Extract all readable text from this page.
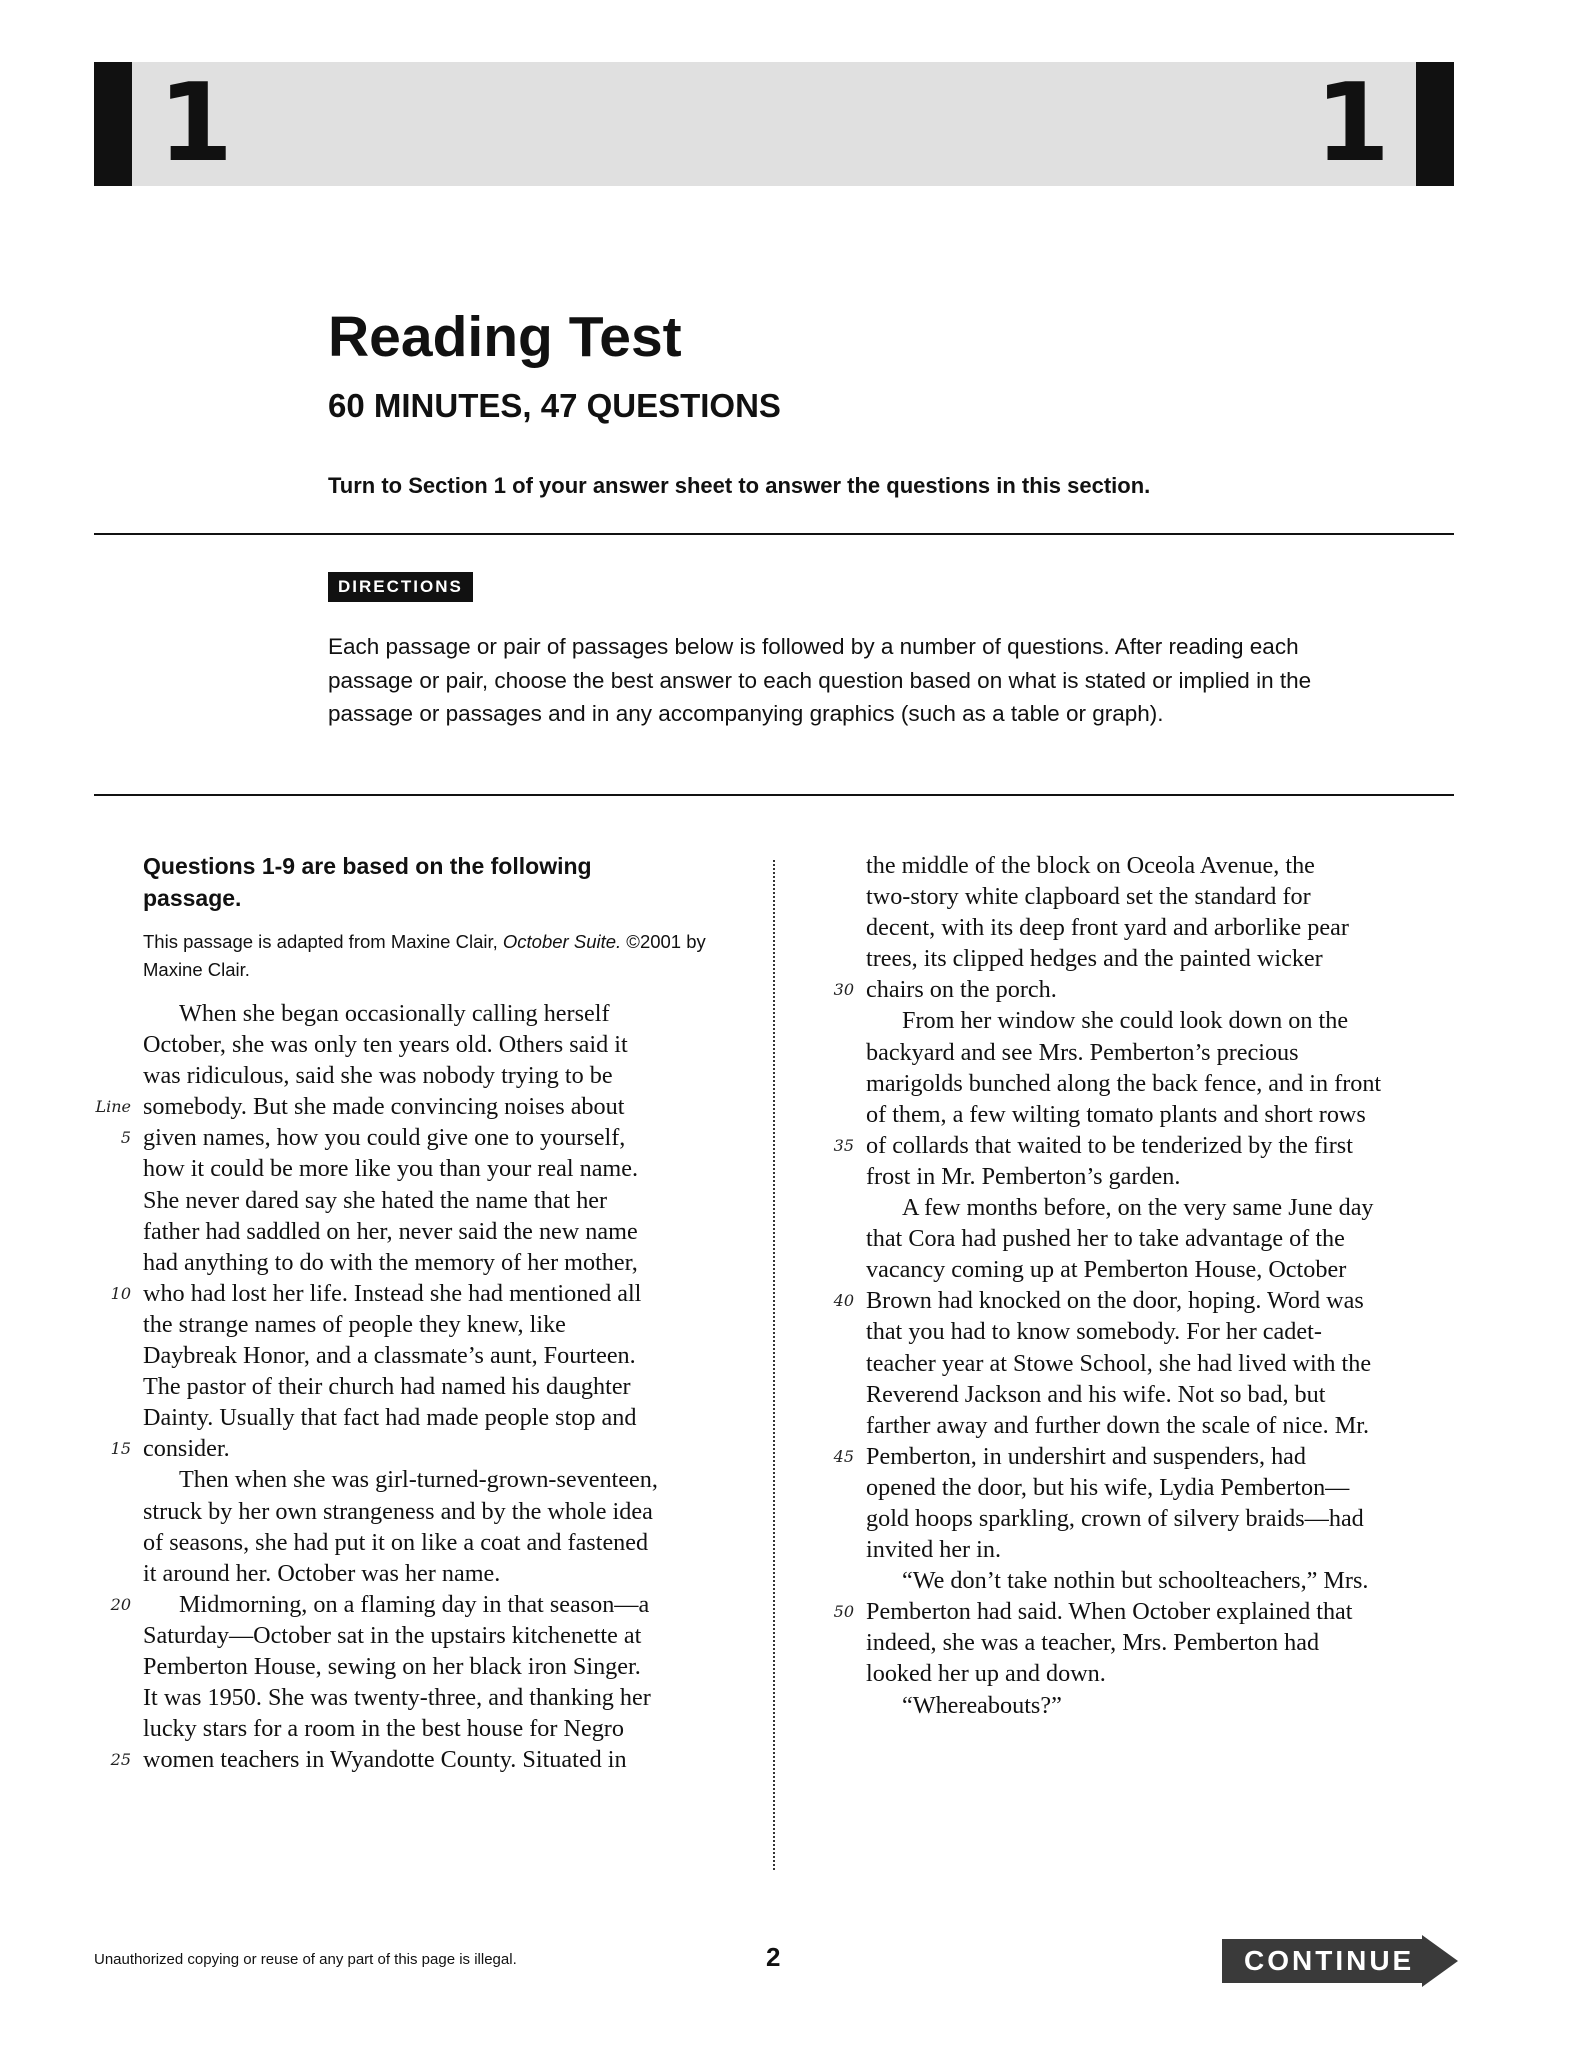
1	1
Reading Test
60 MINUTES, 47 QUESTIONS
Turn to Section 1 of your answer sheet to answer the questions in this section.
DIRECTIONS
Each passage or pair of passages below is followed by a number of questions. After reading each passage or pair, choose the best answer to each question based on what is stated or implied in the passage or passages and in any accompanying graphics (such as a table or graph).
Questions 1-9 are based on the following passage.
This passage is adapted from Maxine Clair, October Suite. ©2001 by Maxine Clair.
When she began occasionally calling herself
October, she was only ten years old. Others said it
was ridiculous, said she was nobody trying to be
somebody. But she made convincing noises about
Line
given names, how you could give one to yourself,
5
how it could be more like you than your real name.
She never dared say she hated the name that her
father had saddled on her, never said the new name
had anything to do with the memory of her mother,
who had lost her life. Instead she had mentioned all
10
the strange names of people they knew, like
Daybreak Honor, and a classmate’s aunt, Fourteen.
The pastor of their church had named his daughter
Dainty. Usually that fact had made people stop and
consider.
15
Then when she was girl-turned-grown-seventeen,
struck by her own strangeness and by the whole idea
of seasons, she had put it on like a coat and fastened
it around her. October was her name.
Midmorning, on a flaming day in that season—a
20
Saturday—October sat in the upstairs kitchenette at
Pemberton House, sewing on her black iron Singer.
It was 1950. She was twenty-three, and thanking her
lucky stars for a room in the best house for Negro
women teachers in Wyandotte County. Situated in
25
the middle of the block on Oceola Avenue, the
two-story white clapboard set the standard for
decent, with its deep front yard and arborlike pear
trees, its clipped hedges and the painted wicker
chairs on the porch.
30
From her window she could look down on the
backyard and see Mrs. Pemberton’s precious
marigolds bunched along the back fence, and in front
of them, a few wilting tomato plants and short rows
of collards that waited to be tenderized by the first
35
frost in Mr. Pemberton’s garden.
A few months before, on the very same June day
that Cora had pushed her to take advantage of the
vacancy coming up at Pemberton House, October
Brown had knocked on the door, hoping. Word was
40
that you had to know somebody. For her cadet-
teacher year at Stowe School, she had lived with the
Reverend Jackson and his wife. Not so bad, but
farther away and further down the scale of nice. Mr.
Pemberton, in undershirt and suspenders, had
45
opened the door, but his wife, Lydia Pemberton—
gold hoops sparkling, crown of silvery braids—had
invited her in.
“We don’t take nothin but schoolteachers,” Mrs.
Pemberton had said. When October explained that
50
indeed, she was a teacher, Mrs. Pemberton had
looked her up and down.
“Whereabouts?”
Unauthorized copying or reuse of any part of this page is illegal.	2	CONTINUE
